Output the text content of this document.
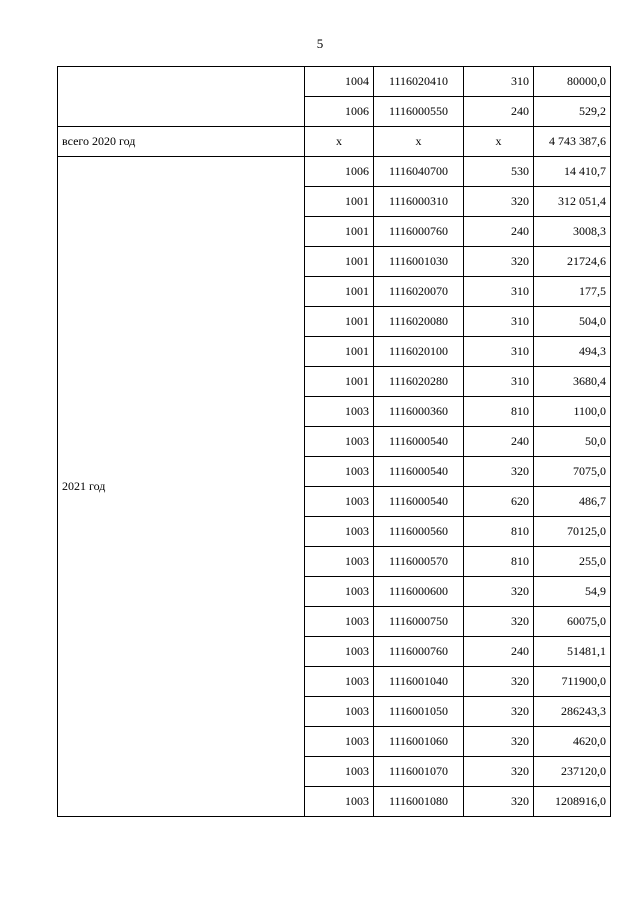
5
	1004	1116020410	310	80000,0
	1006	1116000550	240	529,2
всего 2020 год	х	х	х	4 743 387,6
2021 год	1006	1116040700	530	14 410,7
	1001	1116000310	320	312 051,4
	1001	1116000760	240	3008,3
	1001	1116001030	320	21724,6
	1001	1116020070	310	177,5
	1001	1116020080	310	504,0
	1001	1116020100	310	494,3
	1001	1116020280	310	3680,4
	1003	1116000360	810	1100,0
	1003	1116000540	240	50,0
	1003	1116000540	320	7075,0
	1003	1116000540	620	486,7
	1003	1116000560	810	70125,0
	1003	1116000570	810	255,0
	1003	1116000600	320	54,9
	1003	1116000750	320	60075,0
	1003	1116000760	240	51481,1
	1003	1116001040	320	711900,0
	1003	1116001050	320	286243,3
	1003	1116001060	320	4620,0
	1003	1116001070	320	237120,0
	1003	1116001080	320	1208916,0
